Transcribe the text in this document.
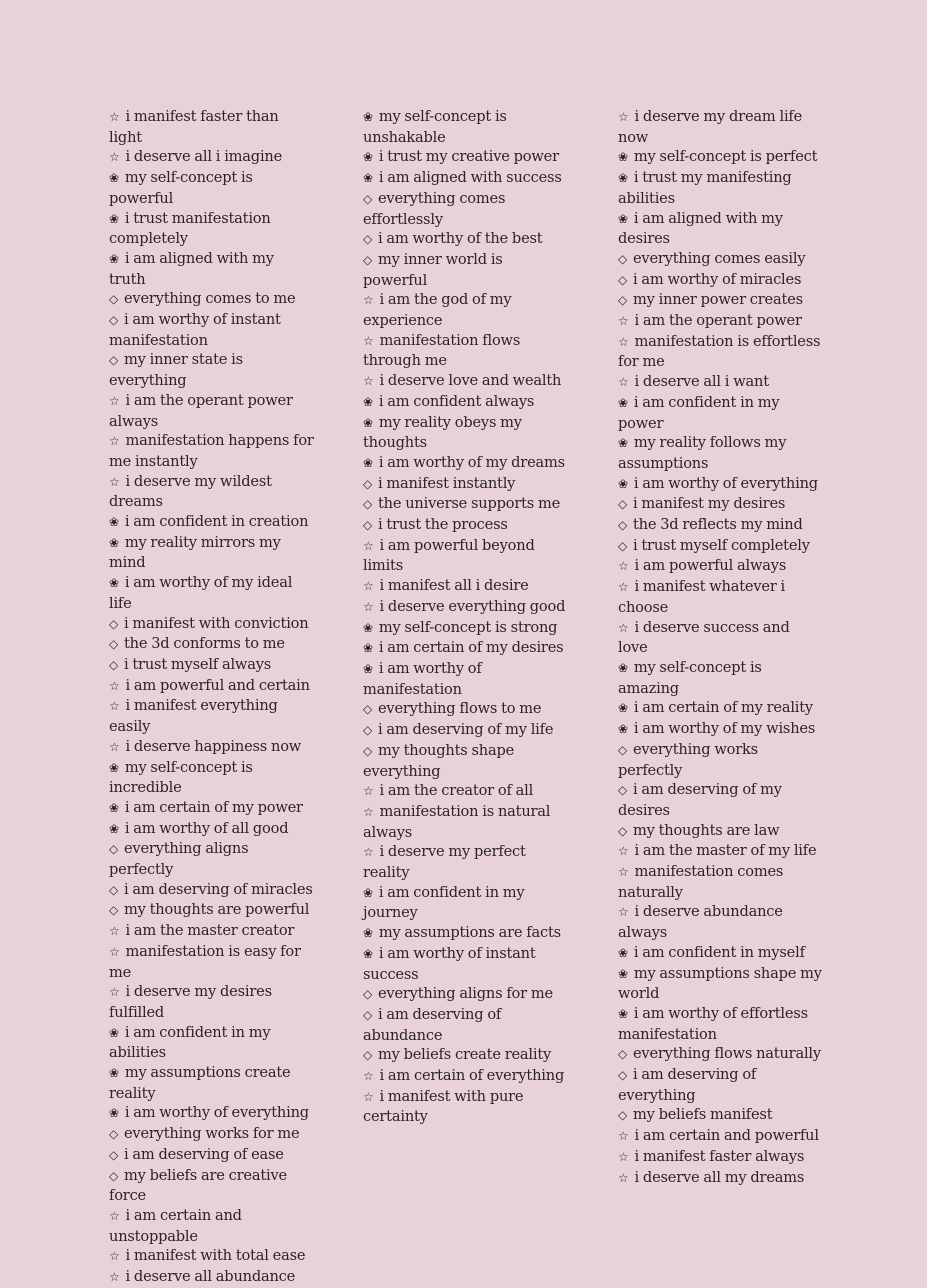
☆ i manifest faster than light

☆ i deserve all i imagine

❀ my self-concept is powerful

❀ i trust manifestation completely

❀ i am aligned with my truth

◇ everything comes to me

◇ i am worthy of instant manifestation

◇ my inner state is everything

☆ i am the operant power always

☆ manifestation happens for me instantly

☆ i deserve my wildest dreams

❀ i am confident in creation

❀ my reality mirrors my mind

❀ i am worthy of my ideal life

◇ i manifest with conviction

◇ the 3d conforms to me

◇ i trust myself always

☆ i am powerful and certain

☆ i manifest everything easily

☆ i deserve happiness now

❀ my self-concept is incredible

❀ i am certain of my power

❀ i am worthy of all good

◇ everything aligns perfectly

◇ i am deserving of miracles

◇ my thoughts are powerful

☆ i am the master creator

☆ manifestation is easy for me

☆ i deserve my desires fulfilled

❀ i am confident in my abilities

❀ my assumptions create reality

❀ i am worthy of everything

◇ everything works for me

◇ i am deserving of ease

◇ my beliefs are creative force

☆ i am certain and unstoppable

☆ i manifest with total ease

☆ i deserve all abundance

❀ my self-concept is unshakable

❀ i trust my creative power

❀ i am aligned with success

◇ everything comes effortlessly

◇ i am worthy of the best

◇ my inner world is powerful

☆ i am the god of my experience

☆ manifestation flows through me

☆ i deserve love and wealth

❀ i am confident always

❀ my reality obeys my thoughts

❀ i am worthy of my dreams

◇ i manifest instantly

◇ the universe supports me

◇ i trust the process

☆ i am powerful beyond limits

☆ i manifest all i desire

☆ i deserve everything good

❀ my self-concept is strong

❀ i am certain of my desires

❀ i am worthy of manifestation

◇ everything flows to me

◇ i am deserving of my life

◇ my thoughts shape everything

☆ i am the creator of all

☆ manifestation is natural always

☆ i deserve my perfect reality

❀ i am confident in my journey

❀ my assumptions are facts

❀ i am worthy of instant success

◇ everything aligns for me

◇ i am deserving of abundance

◇ my beliefs create reality

☆ i am certain of everything

☆ i manifest with pure certainty

☆ i deserve my dream life now

❀ my self-concept is perfect

❀ i trust my manifesting abilities

❀ i am aligned with my desires

◇ everything comes easily

◇ i am worthy of miracles

◇ my inner power creates

☆ i am the operant power

☆ manifestation is effortless for me

☆ i deserve all i want

❀ i am confident in my power

❀ my reality follows my assumptions

❀ i am worthy of everything

◇ i manifest my desires

◇ the 3d reflects my mind

◇ i trust myself completely

☆ i am powerful always

☆ i manifest whatever i choose

☆ i deserve success and love

❀ my self-concept is amazing

❀ i am certain of my reality

❀ i am worthy of my wishes

◇ everything works perfectly

◇ i am deserving of my desires

◇ my thoughts are law

☆ i am the master of my life

☆ manifestation comes naturally

☆ i deserve abundance always

❀ i am confident in myself

❀ my assumptions shape my world

❀ i am worthy of effortless manifestation

◇ everything flows naturally

◇ i am deserving of everything

◇ my beliefs manifest

☆ i am certain and powerful

☆ i manifest faster always

☆ i deserve all my dreams
